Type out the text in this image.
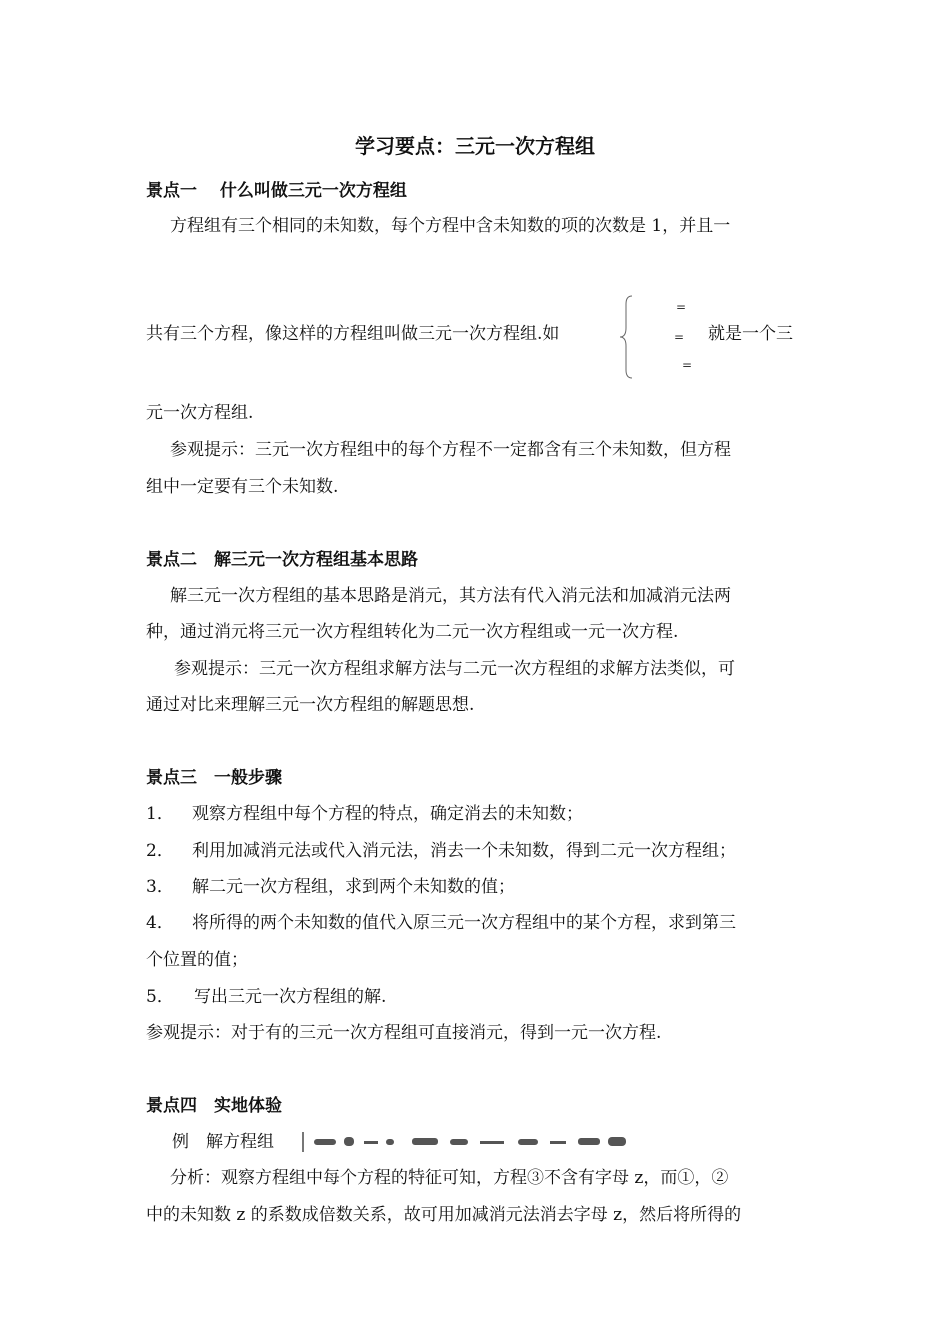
学习要点：三元一次方程组
景点一　 什么叫做三元一次方程组
方程组有三个相同的未知数，每个方程中含未知数的项的次数是 1，并且一
共有三个方程，像这样的方程组叫做三元一次方程组.如
=
=
=
就是一个三
元一次方程组.
参观提示：三元一次方程组中的每个方程不一定都含有三个未知数，但方程
组中一定要有三个未知数.
景点二　解三元一次方程组基本思路
解三元一次方程组的基本思路是消元，其方法有代入消元法和加减消元法两
种，通过消元将三元一次方程组转化为二元一次方程组或一元一次方程.
参观提示：三元一次方程组求解方法与二元一次方程组的求解方法类似，可
通过对比来理解三元一次方程组的解题思想.
景点三　一般步骤
1． 观察方程组中每个方程的特点，确定消去的未知数；
2． 利用加减消元法或代入消元法，消去一个未知数，得到二元一次方程组；
3． 解二元一次方程组，求到两个未知数的值；
4． 将所得的两个未知数的值代入原三元一次方程组中的某个方程，求到第三
个位置的值；
5． 写出三元一次方程组的解.
参观提示：对于有的三元一次方程组可直接消元，得到一元一次方程.
景点四　实地体验
例　解方程组
分析：观察方程组中每个方程的特征可知，方程③不含有字母 z，而①，②
中的未知数 z 的系数成倍数关系，故可用加减消元法消去字母 z，然后将所得的
